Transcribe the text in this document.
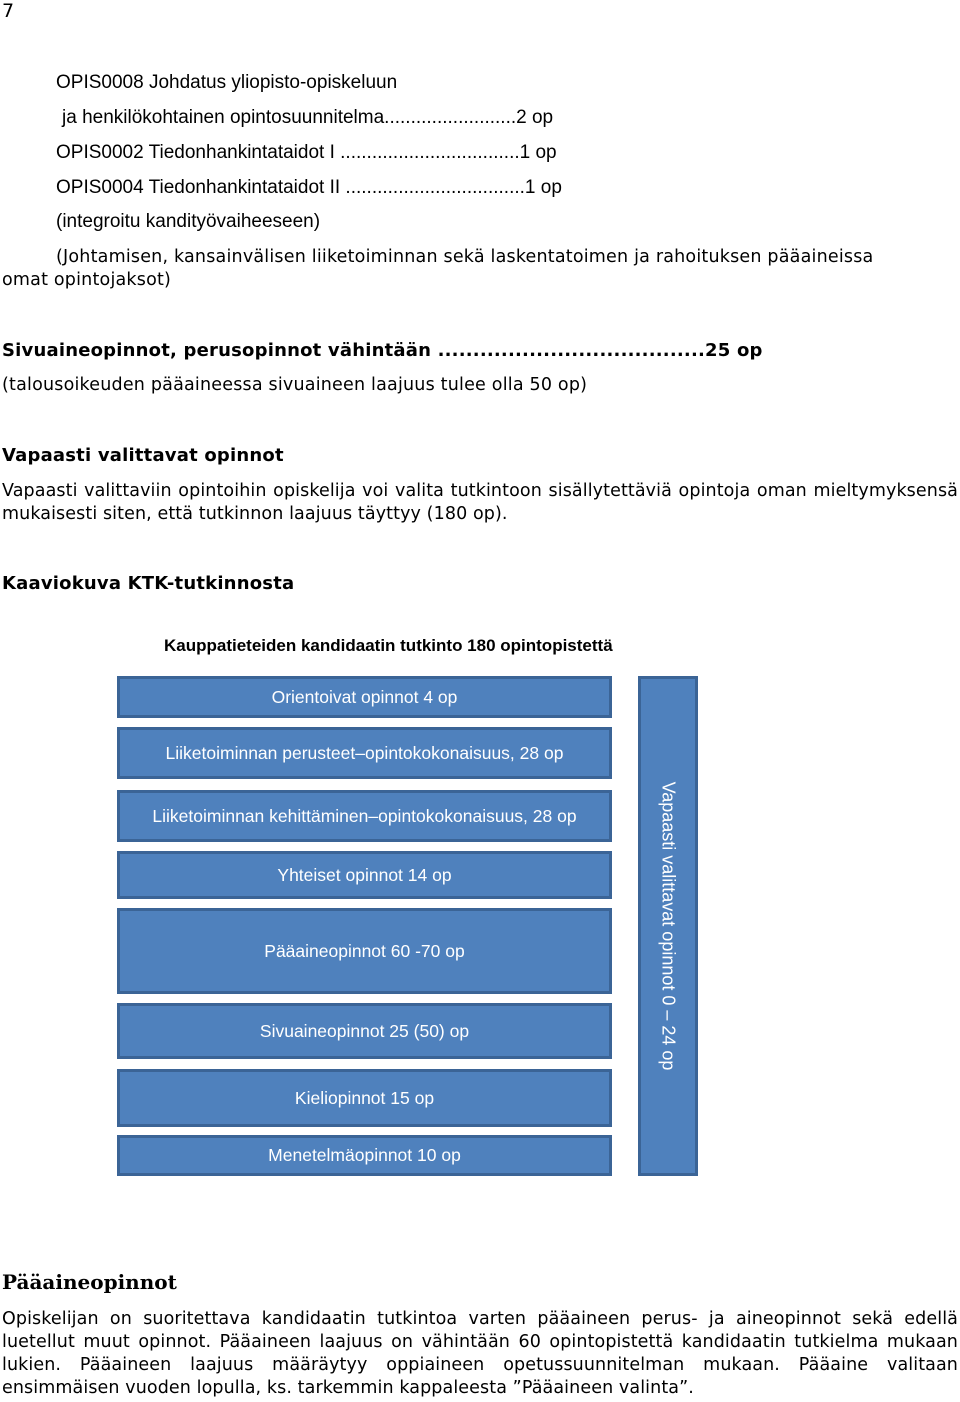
7
OPIS0008 Johdatus yliopisto-opiskeluun
ja henkilökohtainen opintosuunnitelma.........................2 op
OPIS0002 Tiedonhankintataidot I ..................................1 op
OPIS0004 Tiedonhankintataidot II ..................................1 op
(integroitu kandityövaiheeseen)
(Johtamisen, kansainvälisen liiketoiminnan sekä laskentatoimen ja rahoituksen pääaineissa
omat opintojaksot)
Sivuaineopinnot, perusopinnot vähintään ......................................25 op
(talousoikeuden pääaineessa sivuaineen laajuus tulee olla 50 op)
Vapaasti valittavat opinnot
Vapaasti valittaviin opintoihin opiskelija voi valita tutkintoon sisällytettäviä opintoja oman mieltymyksensä mukaisesti siten, että tutkinnon laajuus täyttyy (180 op).
Kaaviokuva KTK-tutkinnosta
Kauppatieteiden kandidaatin tutkinto 180 opintopistettä
Orientoivat opinnot 4 op
Liiketoiminnan perusteet–opintokokonaisuus, 28 op
Liiketoiminnan kehittäminen–opintokokonaisuus, 28 op
Yhteiset opinnot 14 op
Pääaineopinnot 60 -70 op
Sivuaineopinnot 25 (50) op
Kieliopinnot 15 op
Menetelmäopinnot 10 op
Vapaasti valittavat opinnot 0 – 24 op
Pääaineopinnot
Opiskelijan on suoritettava kandidaatin tutkintoa varten pääaineen perus- ja aineopinnot sekä edellä luetellut muut opinnot. Pääaineen laajuus on vähintään 60 opintopistettä kandidaatin tutkielma mukaan lukien. Pääaineen laajuus määräytyy oppiaineen opetussuunnitelman mukaan. Pääaine valitaan ensimmäisen vuoden lopulla, ks. tarkemmin kappaleesta ”Pääaineen valinta”.
